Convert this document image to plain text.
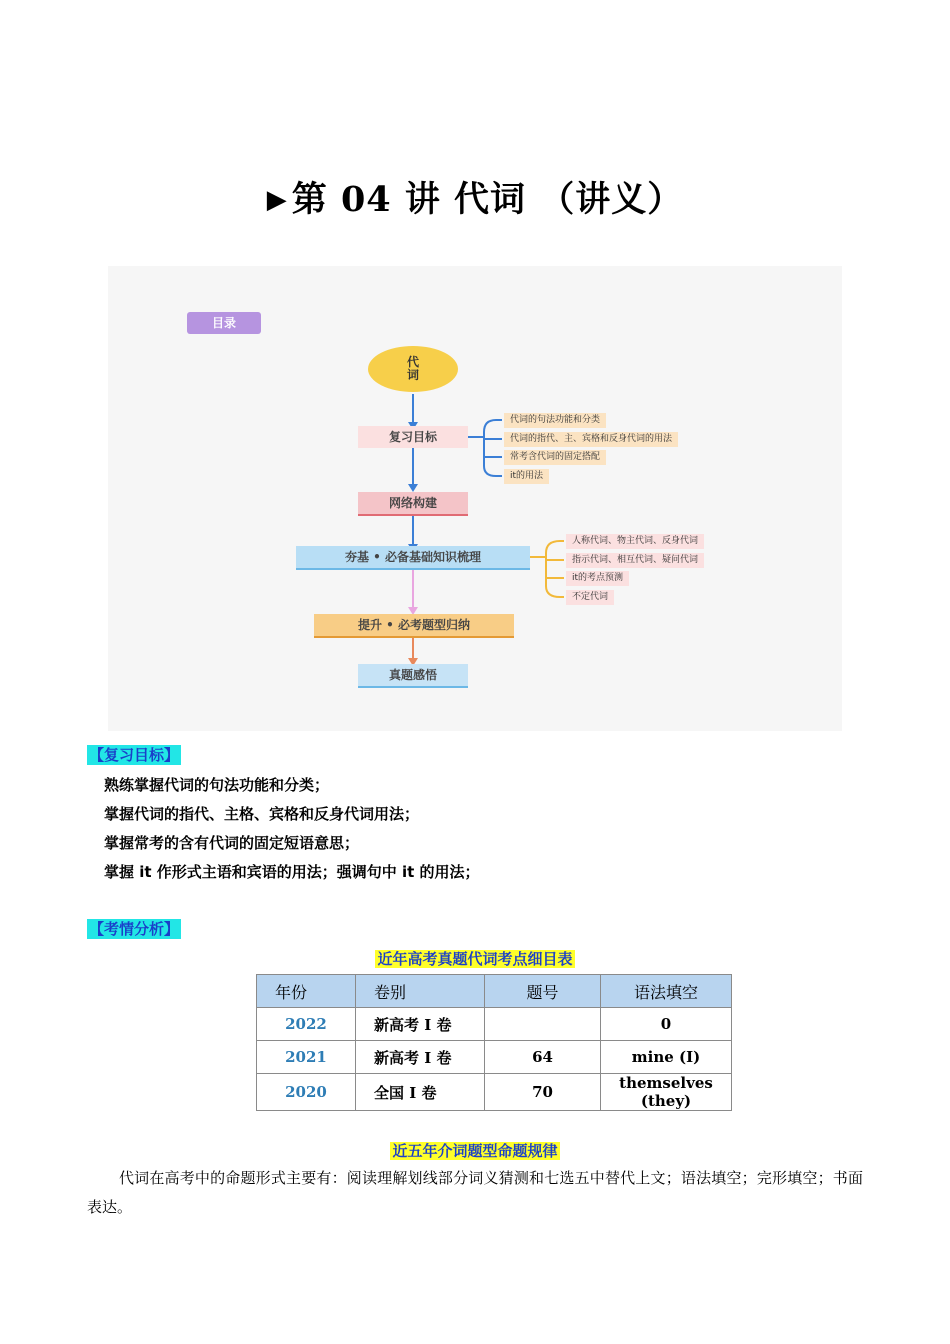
▶ 第 04 讲 代词 （讲义）
目录
代
词
复习目标
网络构建
夯基 • 必备基础知识梳理
提升 • 必考题型归纳
真题感悟
代词的句法功能和分类
代词的指代、主、宾格和反身代词的用法
常考含代词的固定搭配
it的用法
人称代词、物主代词、反身代词
指示代词、相互代词、疑问代词
it的考点预测
不定代词
【复习目标】
熟练掌握代词的句法功能和分类；
掌握代词的指代、主格、宾格和反身代词用法；
掌握常考的含有代词的固定短语意思；
掌握 it 作形式主语和宾语的用法；强调句中 it 的用法；
【考情分析】
近年高考真题代词考点细目表
年份	卷别	题号	语法填空
2022	新高考 I 卷		0
2021	新高考 I 卷	64	mine (I)
2020	全国 I 卷	70	themselves (they)
近五年介词题型命题规律
代词在高考中的命题形式主要有：阅读理解划线部分词义猜测和七选五中替代上文；语法填空；完形填空；书面表达。
